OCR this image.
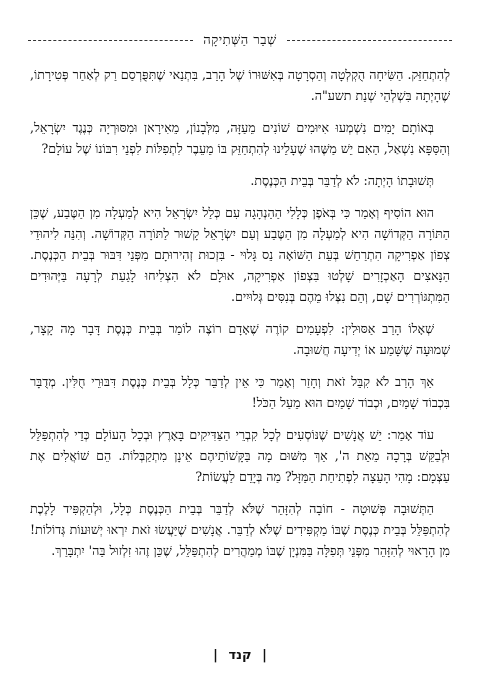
שְׁבַר הַשְּׁתִיקָה

לְהִתְחַזֵּק. הַשִּׂיחָה הֻקְלְטָה וְהַסְרָטָה בְּאִשּׁוּרוֹ שֶׁל הָרַב, בִּתְנַאי שֶׁתִּפֻּרְסַם רַק לְאַחַר פְּטִירָתוֹ, שֶׁהָיְתָה בִּשְׁלְהֵי שְׁנַת תשע"ה.

בְּאוֹתָם יָמִים נִשְׁמְעוּ אִיּוּמִים שׁוֹנִים מֵעַזָּה, מִלְּבָנוֹן, מֵאִירָאן וּמִסּוּרְיָה כְּנֶגֶד יִשְׂרָאֵל, וְהַסַּפָּא נִשְׁאַל, הַאִם יֵשׁ מַשֶּׁהוּ שֶׁעָלֵינוּ לְהִתְחַזֵּק בּוֹ מֵעֵבֶר לִתְפִלּוֹת לִפְנֵי רִבּוֹנוֹ שֶׁל עוֹלָם?

תְּשׁוּבָתוֹ הָיְתָה: לֹא לְדַבֵּר בְּבֵית הַכְּנֶסֶת.

הוּא הוֹסִיף וְאָמַר כִּי בְּאֹפֶן כְּלָלִי הַהַנְהָגָה עִם כְּלַל יִשְׂרָאֵל הִיא לְמַעְלָה מִן הַטֶּבַע, שֶׁכֵּן הַתּוֹרָה הַקְּדוֹשָׁה הִיא לְמַעְלָה מִן הַטֶּבַע וְעַם יִשְׂרָאֵל קָשׁוּר לַתּוֹרָה הַקְּדוֹשָׁה. וְהִנֵּה לִיהוּדֵי צְפוֹן אַפְרִיקָה הִתְרַחֵשׁ בְּעֵת הַשּׁוֹאָה נֵס גָּלוּי - בִּזְכוּת זְהִירוּתָם מִפְּנֵי דִּבּוּר בְּבֵית הַכְּנֶסֶת. הַנָּאצִים הָאַכְזָרִים שָׁלְטוּ בִּצְפוֹן אַפְרִיקָה, אוּלָם לֹא הִצְלִיחוּ לָגַעַת לְרָעָה בַּיְּהוּדִים הַמִּתְגּוֹרְרִים שָׁם, וְהֵם נִצְּלוּ מֵהֶם בְּנִסִּים גְּלוּיִים.

שְׁאָלוֹ הָרַב אַסּוּלִין: לִפְעָמִים קוֹרֶה שֶׁאָדָם רוֹצֶה לוֹמַר בְּבֵית כְּנֶסֶת דָּבָר מָה קָצָר, שְׁמוּעָה שֶׁשָּׁמַע אוֹ יְדִיעָה חֲשׁוּבָה.

אַךְ הָרַב לֹא קִבֵּל זֹאת וְחָזַר וְאָמַר כִּי אֵין לְדַבֵּר כְּלָל בְּבֵית כְּנֶסֶת דִּבּוּרֵי חֻלִּין. מְדֻבָּר בִּכְבוֹד שָׁמַיִם, וּכְבוֹד שָׁמַיִם הוּא מֵעַל הַכֹּל!

עוֹד אָמַר: יֵשׁ אֲנָשִׁים שֶׁנּוֹסְעִים לְכָל קִבְרֵי הַצַּדִּיקִים בָּאָרֶץ וּבְכָל הָעוֹלָם כְּדֵי לְהִתְפַּלֵּל וּלְבַקֵּשׁ בְּרָכָה מֵאֵת ה', אַךְ מִשּׁוּם מָה בַּקָּשׁוֹתֵיהֶם אֵינָן מִתְקַבְּלוֹת. הֵם שׁוֹאֲלִים אֶת עַצְמָם: מָהִי הָעֵצָה לִפְתִיחַת הַמַּזָּל? מַה בְּיָדֵם לַעֲשׂוֹת?

הַתְּשׁוּבָה פְּשׁוּטָה - חוֹבָה לְהִזָּהֵר שֶׁלֹּא לְדַבֵּר בְּבֵית הַכְּנֶסֶת כְּלָל, וּלְהַקְפִּיד לָלֶכֶת לְהִתְפַּלֵּל בְּבֵית כְּנֶסֶת שֶׁבּוֹ מַקְפִּידִים שֶׁלֹּא לְדַבֵּר. אֲנָשִׁים שֶׁיַּעֲשׂוּ זֹאת יִרְאוּ יְשׁוּעוֹת גְּדוֹלוֹת! מִן הָרָאוּי לְהִזָּהֵר מִפְּנֵי תְּפִלָּה בַּמִּנְיָן שֶׁבּוֹ מְמַהֲרִים לְהִתְפַּלֵּל, שֶׁכֵּן זֶהוּ זִלְזוּל בַּה' יִתְבָּרַךְ.

| קנד |
